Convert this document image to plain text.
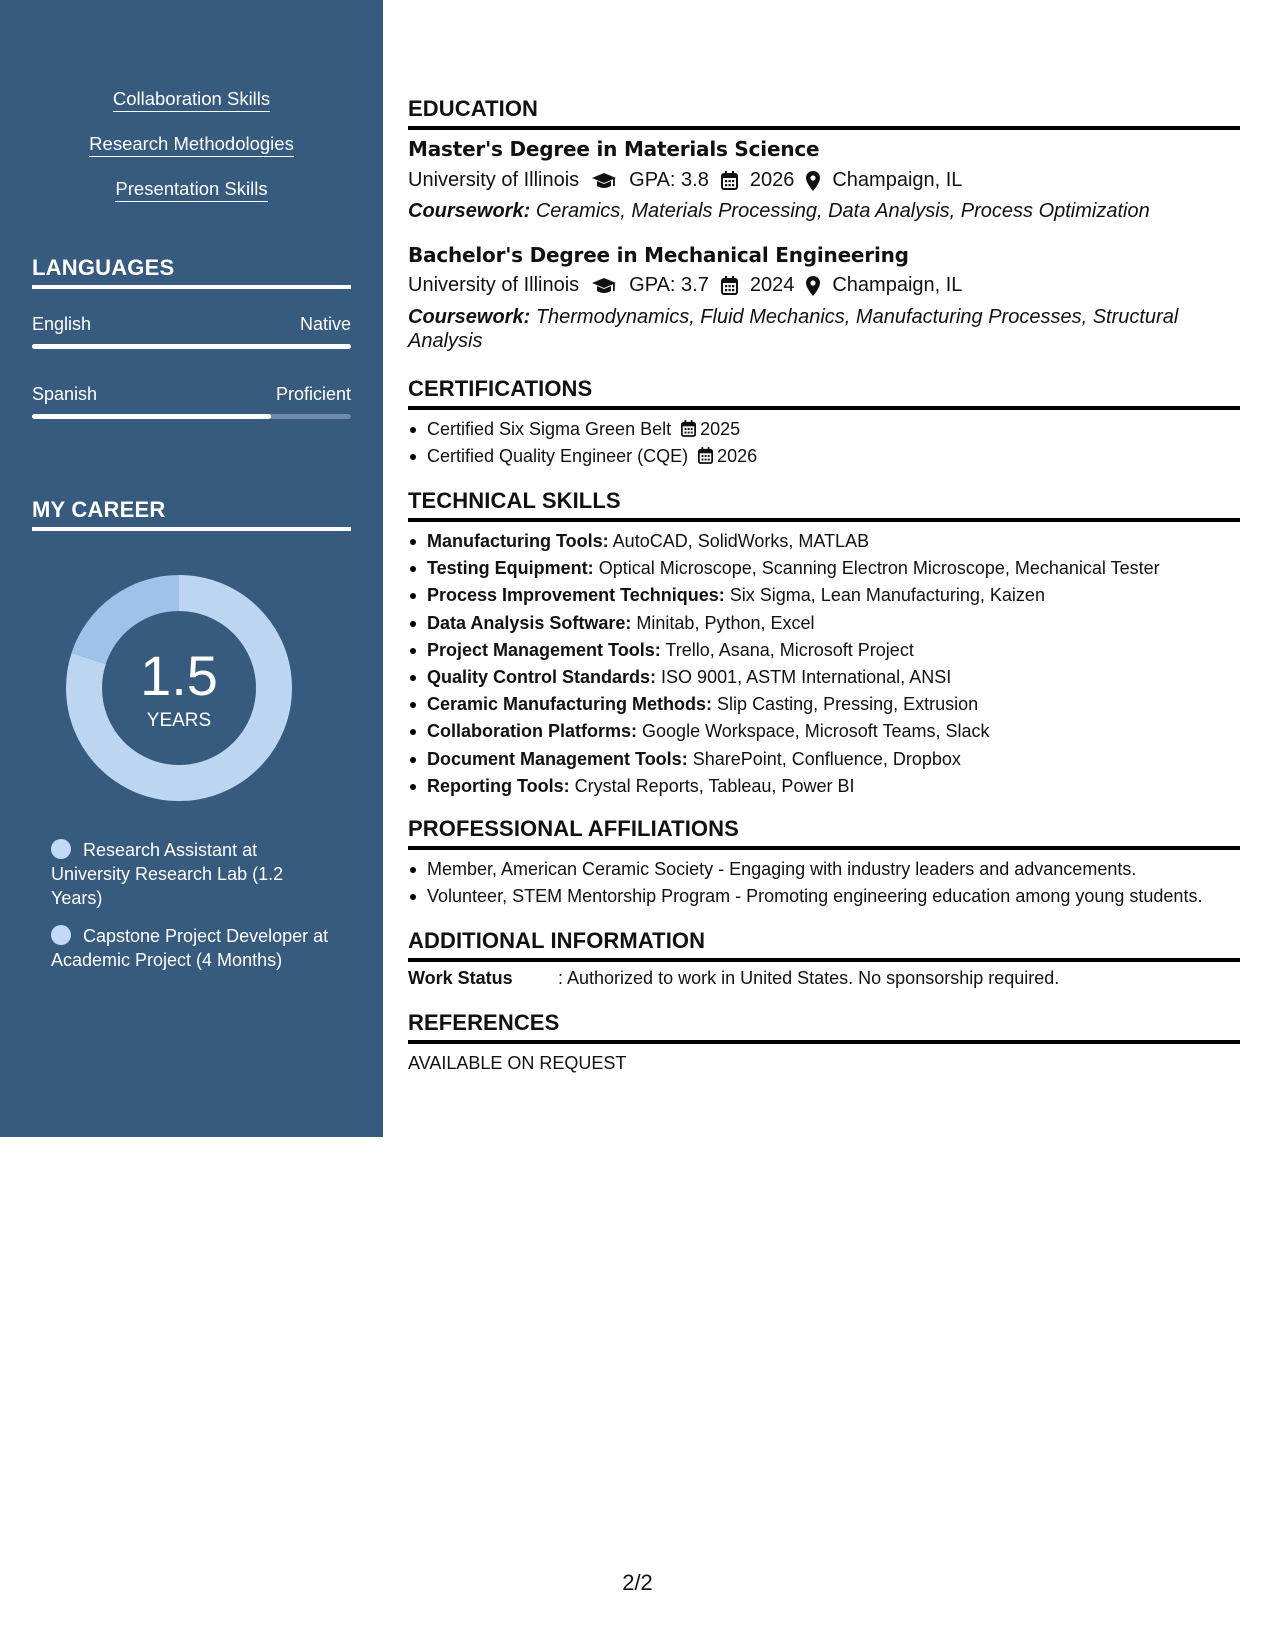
Collaboration Skills
Research Methodologies
Presentation Skills
LANGUAGES
English	Native
Spanish	Proficient
MY CAREER
1.5
YEARS
Research Assistant at University Research Lab (1.2 Years)
Capstone Project Developer at Academic Project (4 Months)
EDUCATION
Master's Degree in Materials Science
University of Illinois	GPA: 3.8 2026 Champaign, IL
Coursework: Ceramics, Materials Processing, Data Analysis, Process Optimization
Bachelor's Degree in Mechanical Engineering
University of Illinois	GPA: 3.7 2024 Champaign, IL
Coursework: Thermodynamics, Fluid Mechanics, Manufacturing Processes, Structural Analysis
CERTIFICATIONS
Certified Six Sigma Green Belt 2025
Certified Quality Engineer (CQE) 2026
TECHNICAL SKILLS
Manufacturing Tools: AutoCAD, SolidWorks, MATLAB
Testing Equipment: Optical Microscope, Scanning Electron Microscope, Mechanical Tester
Process Improvement Techniques: Six Sigma, Lean Manufacturing, Kaizen
Data Analysis Software: Minitab, Python, Excel
Project Management Tools: Trello, Asana, Microsoft Project
Quality Control Standards: ISO 9001, ASTM International, ANSI
Ceramic Manufacturing Methods: Slip Casting, Pressing, Extrusion
Collaboration Platforms: Google Workspace, Microsoft Teams, Slack
Document Management Tools: SharePoint, Confluence, Dropbox
Reporting Tools: Crystal Reports, Tableau, Power BI
PROFESSIONAL AFFILIATIONS
Member, American Ceramic Society - Engaging with industry leaders and advancements.
Volunteer, STEM Mentorship Program - Promoting engineering education among young students.
ADDITIONAL INFORMATION
Work Status	: Authorized to work in United States. No sponsorship required.
REFERENCES
AVAILABLE ON REQUEST
2/2
